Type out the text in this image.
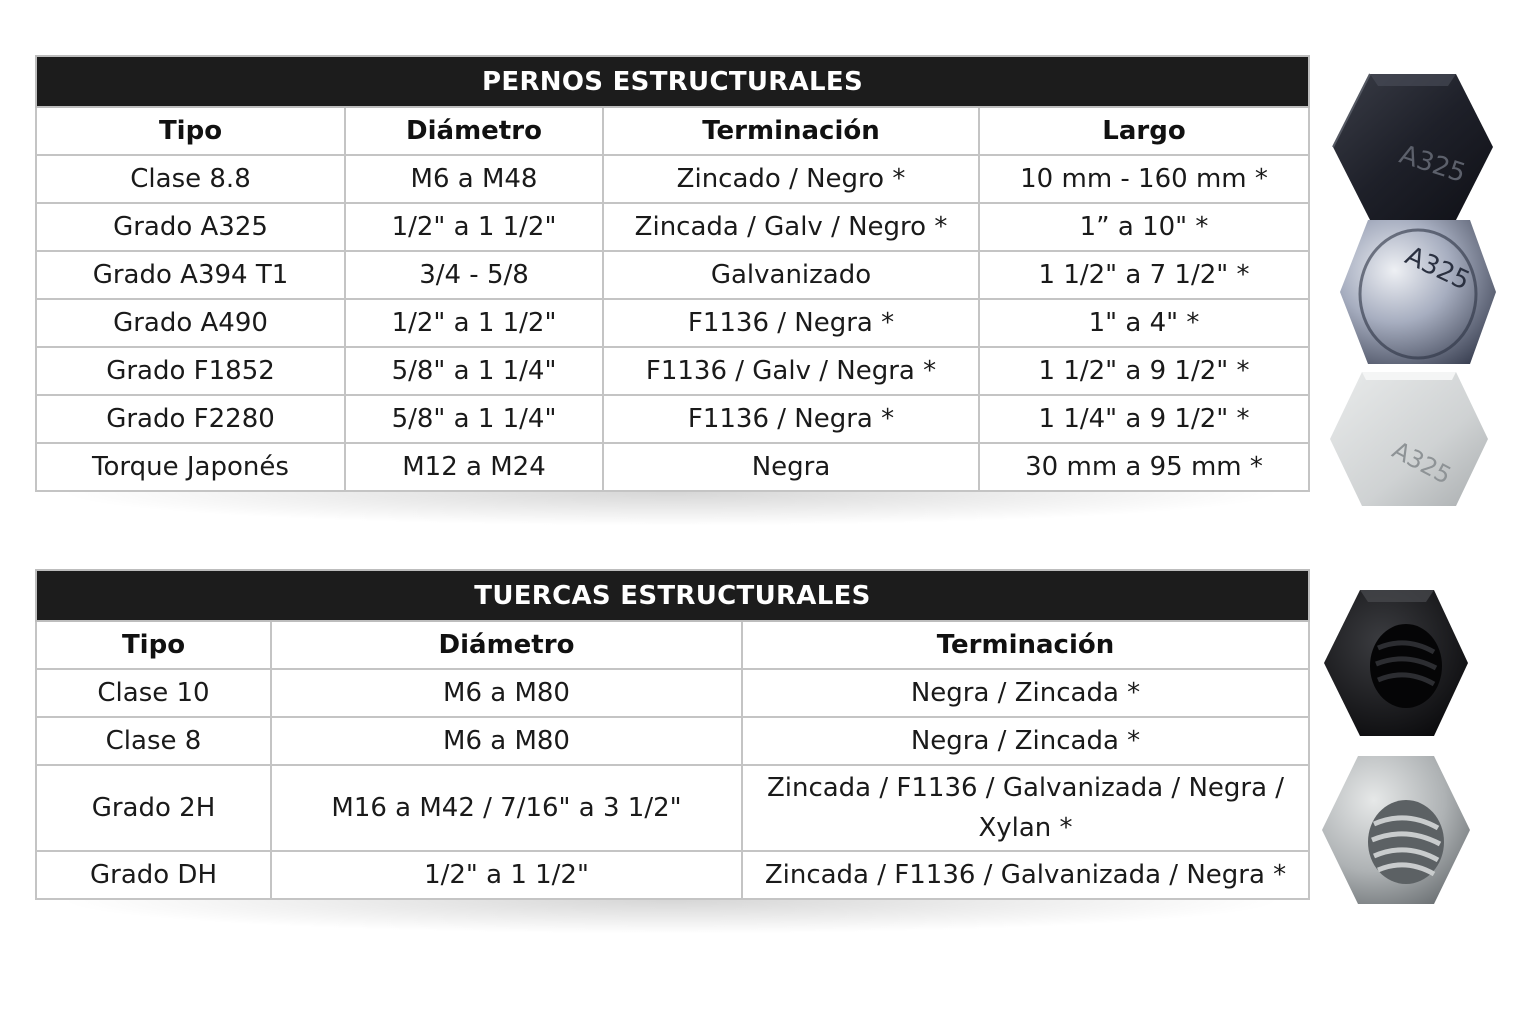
PERNOS ESTRUCTURALES			
Tipo	Diámetro	Terminación	Largo
Clase 8.8	M6 a M48	Zincado / Negro *	10 mm - 160 mm *
Grado A325	1/2" a 1 1/2"	Zincada / Galv / Negro *	1” a 10" *
Grado A394 T1	3/4 - 5/8	Galvanizado	1 1/2" a 7 1/2" *
Grado A490	1/2" a 1 1/2"	F1136 / Negra *	1" a 4" *
Grado F1852	5/8" a 1 1/4"	F1136 / Galv / Negra *	1 1/2" a 9 1/2" *
Grado F2280	5/8" a 1 1/4"	F1136 / Negra *	1 1/4" a 9 1/2" *
Torque Japonés	M12 a M24	Negra	30 mm a 95 mm *
TUERCAS ESTRUCTURALES		
Tipo	Diámetro	Terminación
Clase 10	M6 a M80	Negra / Zincada *
Clase 8	M6 a M80	Negra / Zincada *
Grado 2H	M16 a M42 / 7/16" a 3 1/2"	Zincada / F1136 / Galvanizada / Negra / Xylan *
Grado DH	1/2" a 1 1/2"	Zincada / F1136 / Galvanizada / Negra *
A325
A325
A325
